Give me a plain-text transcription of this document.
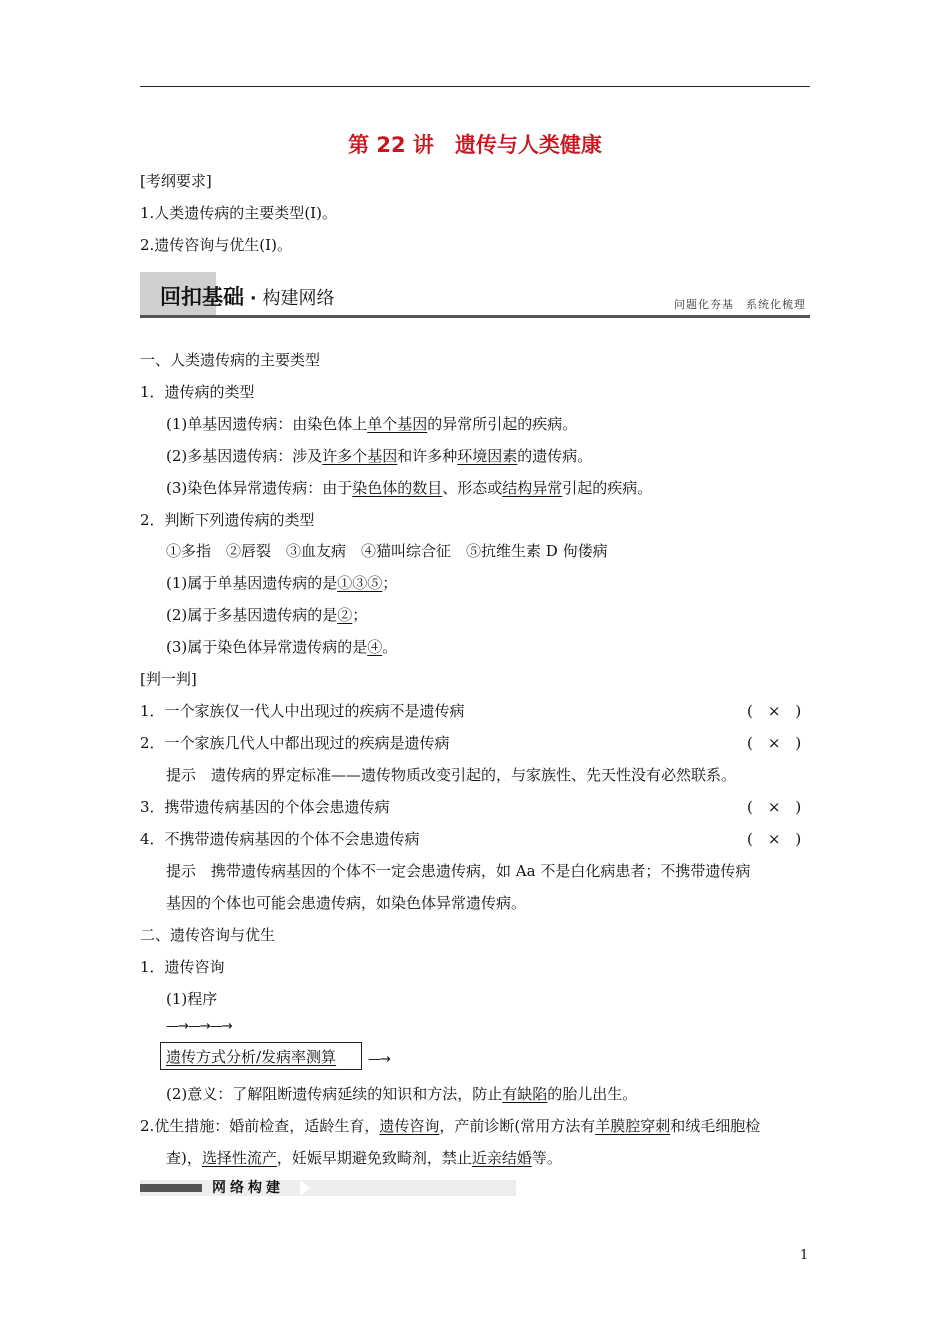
第 22 讲　遗传与人类健康
[考纲要求]
1.人类遗传病的主要类型(Ⅰ)。
2.遗传咨询与优生(Ⅰ)。
回扣基础 · 构建网络	问题化夯基　系统化梳理
一、人类遗传病的主要类型
1．遗传病的类型
(1)单基因遗传病：由染色体上单个基因的异常所引起的疾病。
(2)多基因遗传病：涉及许多个基因和许多种环境因素的遗传病。
(3)染色体异常遗传病：由于染色体的数目、形态或结构异常引起的疾病。
2．判断下列遗传病的类型
①多指　②唇裂　③血友病　④猫叫综合征　⑤抗维生素 D 佝偻病
(1)属于单基因遗传病的是①③⑤；
(2)属于多基因遗传病的是②；
(3)属于染色体异常遗传病的是④。
[判一判]
1．一个家族仅一代人中出现过的疾病不是遗传病	(　×　)
2．一个家族几代人中都出现过的疾病是遗传病	(　×　)
提示　遗传病的界定标准——遗传物质改变引起的，与家族性、先天性没有必然联系。
3．携带遗传病基因的个体会患遗传病	(　×　)
4．不携带遗传病基因的个体不会患遗传病	(　×　)
提示　携带遗传病基因的个体不一定会患遗传病，如 Aa 不是白化病患者；不携带遗传病
基因的个体也可能会患遗传病，如染色体异常遗传病。
二、遗传咨询与优生
1．遗传咨询
(1)程序
—→—→—→
遗传方式分析/发病率测算 —→
(2)意义：了解阻断遗传病延续的知识和方法，防止有缺陷的胎儿出生。
2.优生措施：婚前检查，适龄生育，遗传咨询，产前诊断(常用方法有羊膜腔穿刺和绒毛细胞检
查)，选择性流产，妊娠早期避免致畸剂，禁止近亲结婚等。
网络构建
1
